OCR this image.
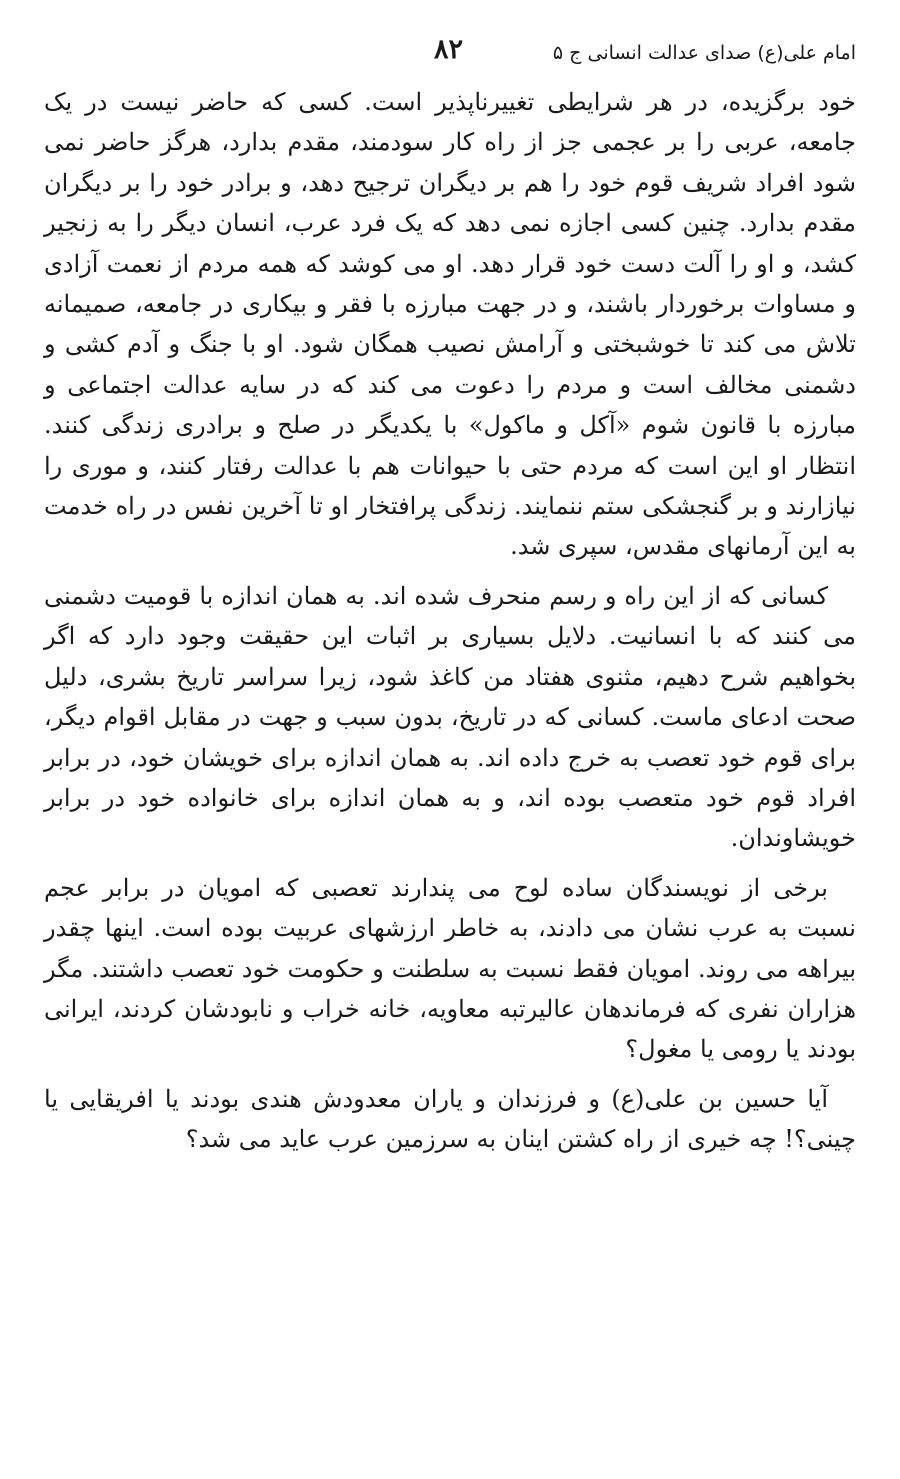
امام علی(ع) صدای عدالت انسانی ج ۵
۸۲

خود برگزیده، در هر شرایطی تغییرناپذیر است. کسی که حاضر نیست در یک جامعه، عربی را بر عجمی جز از راه کار سودمند، مقدم بدارد، هرگز حاضر نمی شود افراد شریف قوم خود را هم بر دیگران ترجیح دهد، و برادر خود را بر دیگران مقدم بدارد. چنین کسی اجازه نمی دهد که یک فرد عرب، انسان دیگر را به زنجیر کشد، و او را آلت دست خود قرار دهد. او می کوشد که همه مردم از نعمت آزادی و مساوات برخوردار باشند، و در جهت مبارزه با فقر و بیکاری در جامعه، صمیمانه تلاش می کند تا خوشبختی و آرامش نصیب همگان شود. او با جنگ و آدم کشی و دشمنی مخالف است و مردم را دعوت می کند که در سایه عدالت اجتماعی و مبارزه با قانون شوم «آکل و ماکول» با یکدیگر در صلح و برادری زندگی کنند. انتظار او این است که مردم حتی با حیوانات هم با عدالت رفتار کنند، و موری را نیازارند و بر گنجشکی ستم ننمایند. زندگی پرافتخار او تا آخرین نفس در راه خدمت به این آرمانهای مقدس، سپری شد.

کسانی که از این راه و رسم منحرف شده اند. به همان اندازه با قومیت دشمنی می کنند که با انسانیت. دلایل بسیاری بر اثبات این حقیقت وجود دارد که اگر بخواهیم شرح دهیم، مثنوی هفتاد من کاغذ شود، زیرا سراسر تاریخ بشری، دلیل صحت ادعای ماست. کسانی که در تاریخ، بدون سبب و جهت در مقابل اقوام دیگر، برای قوم خود تعصب به خرج داده اند. به همان اندازه برای خویشان خود، در برابر افراد قوم خود متعصب بوده اند، و به همان اندازه برای خانواده خود در برابر خویشاوندان.

برخی از نویسندگان ساده لوح می پندارند تعصبی که امویان در برابر عجم نسبت به عرب نشان می دادند، به خاطر ارزشهای عربیت بوده است. اینها چقدر بیراهه می روند. امویان فقط نسبت به سلطنت و حکومت خود تعصب داشتند. مگر هزاران نفری که فرماندهان عالیرتبه معاویه، خانه خراب و نابودشان کردند، ایرانی بودند یا رومی یا مغول؟

آیا حسین بن علی(ع) و فرزندان و یاران معدودش هندی بودند یا افریقایی یا چینی؟! چه خیری از راه کشتن اینان به سرزمین عرب عاید می شد؟
